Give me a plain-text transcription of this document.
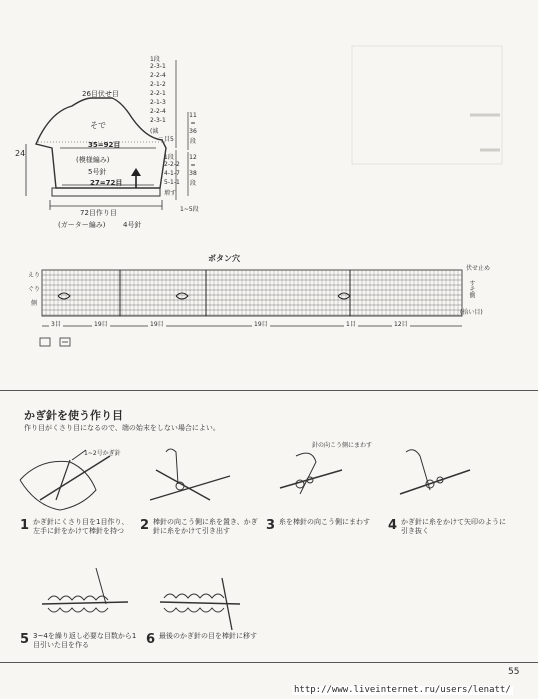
26目伏せ目
そで
35=92目
(模様編み)
5号針
27=72目
24
72目作り目
(ガーター編み)	4号針
1段
2-3-1
2-2-4
2-1-2
2-2-1
2-1-3
2-2-4
2-3-1
(減
＝目5
11
=
36
段
1段
2-2-2
4-1-7
5-1-1
増す
12
=
38
段
1~5段
ボタン穴
えり
ぐり
側
伏せ止め
すそ側
(拾い目)
3目	19目	19目	19目	1目	12目
かぎ針を使う作り目
作り目がくさり目になるので、端の始末をしない場合によい。
1~2号かぎ針
針の向こう側にまわす
1 かぎ針にくさり目を1目作り、左手に針をかけて棒針を持つ	2 棒針の向こう側に糸を置き、かぎ針に糸をかけて引き出す	3 糸を棒針の向こう側にまわす	4 かぎ針に糸をかけて矢印のように引き抜く
5 3~4を繰り返し必要な目数から1目引いた目を作る	6 最後のかぎ針の目を棒針に移す
55
http://www.liveinternet.ru/users/lenatt/
